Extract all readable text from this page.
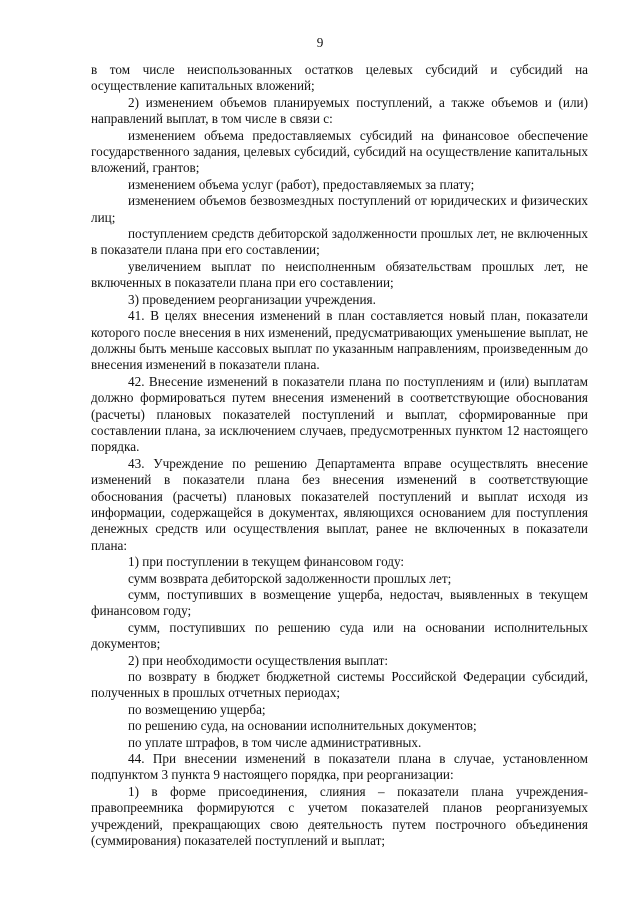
9

в том числе неиспользованных остатков целевых субсидий и субсидий на осуществление капитальных вложений;

2) изменением объемов планируемых поступлений, а также объемов и (или) направлений выплат, в том числе в связи с:

изменением объема предоставляемых субсидий на финансовое обеспечение государственного задания, целевых субсидий, субсидий на осуществление капитальных вложений, грантов;

изменением объема услуг (работ), предоставляемых за плату;

изменением объемов безвозмездных поступлений от юридических и физических лиц;

поступлением средств дебиторской задолженности прошлых лет, не включенных в показатели плана при его составлении;

увеличением выплат по неисполненным обязательствам прошлых лет, не включенных в показатели плана при его составлении;

3) проведением реорганизации учреждения.

41. В целях внесения изменений в план составляется новый план, показатели которого после внесения в них изменений, предусматривающих уменьшение выплат, не должны быть меньше кассовых выплат по указанным направлениям, произведенным до внесения изменений в показатели плана.

42. Внесение изменений в показатели плана по поступлениям и (или) выплатам должно формироваться путем внесения изменений в соответствующие обоснования (расчеты) плановых показателей поступлений и выплат, сформированные при составлении плана, за исключением случаев, предусмотренных пунктом 12 настоящего порядка.

43. Учреждение по решению Департамента вправе осуществлять внесение изменений в показатели плана без внесения изменений в соответствующие обоснования (расчеты) плановых показателей поступлений и выплат исходя из информации, содержащейся в документах, являющихся основанием для поступления денежных средств или осуществления выплат, ранее не включенных в показатели плана:

1) при поступлении в текущем финансовом году:

сумм возврата дебиторской задолженности прошлых лет;

сумм, поступивших в возмещение ущерба, недостач, выявленных в текущем финансовом году;

сумм, поступивших по решению суда или на основании исполнительных документов;

2) при необходимости осуществления выплат:

по возврату в бюджет бюджетной системы Российской Федерации субсидий, полученных в прошлых отчетных периодах;

по возмещению ущерба;

по решению суда, на основании исполнительных документов;

по уплате штрафов, в том числе административных.

44. При внесении изменений в показатели плана в случае, установленном подпунктом 3 пункта 9 настоящего порядка, при реорганизации:

1) в форме присоединения, слияния – показатели плана учреждения-правопреемника формируются с учетом показателей планов реорганизуемых учреждений, прекращающих свою деятельность путем построчного объединения (суммирования) показателей поступлений и выплат;
